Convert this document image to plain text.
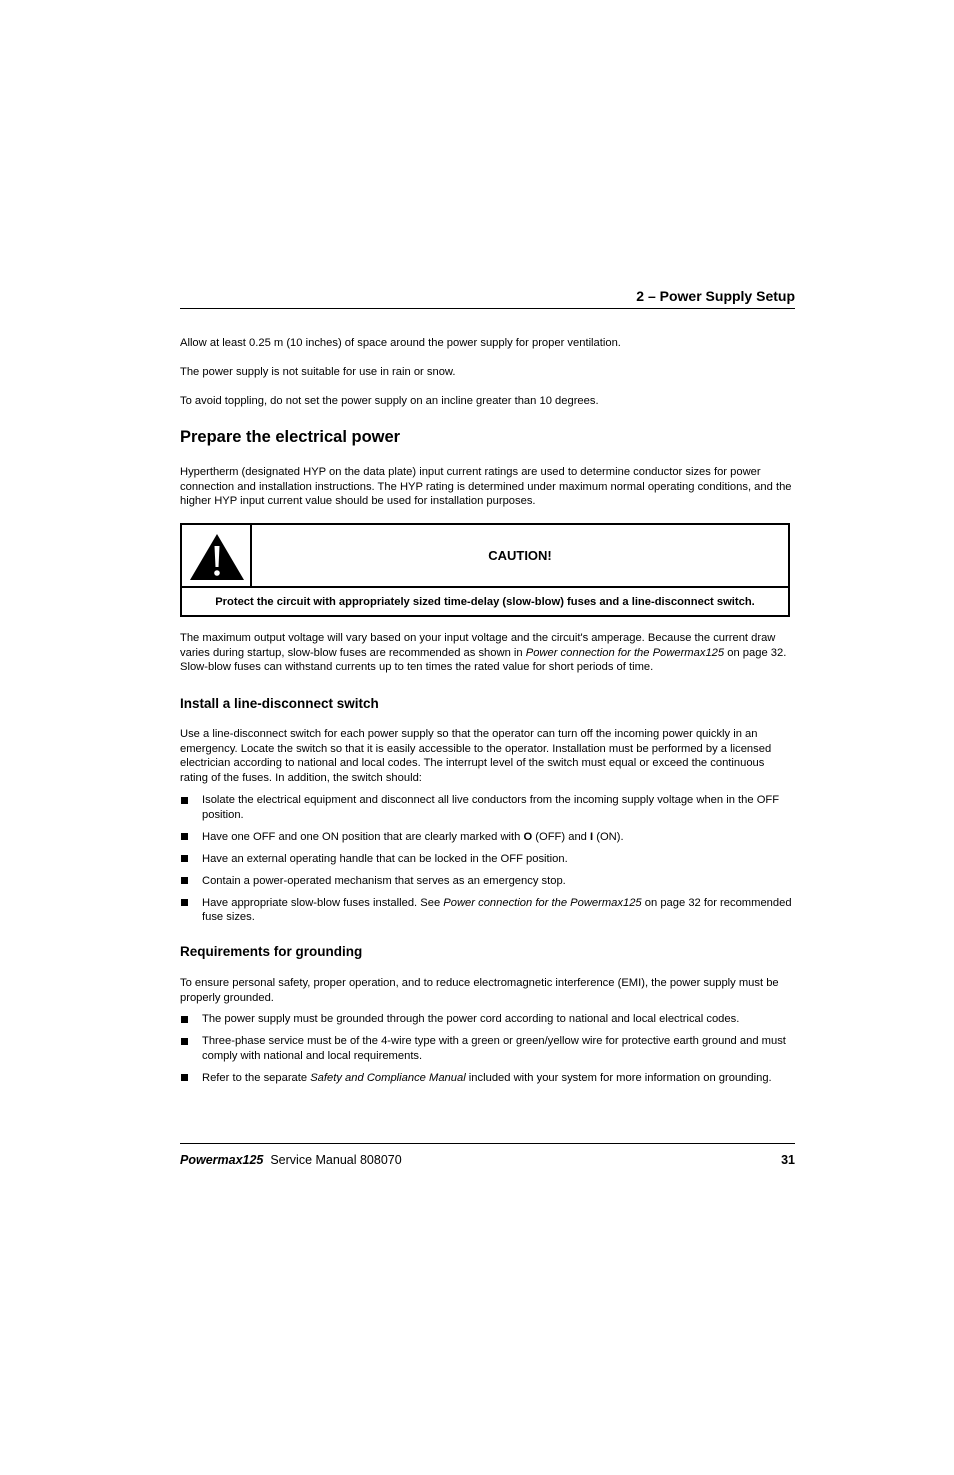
2 – Power Supply Setup

Allow at least 0.25 m (10 inches) of space around the power supply for proper ventilation.

The power supply is not suitable for use in rain or snow.

To avoid toppling, do not set the power supply on an incline greater than 10 degrees.

Prepare the electrical power

Hypertherm (designated HYP on the data plate) input current ratings are used to determine conductor sizes for power connection and installation instructions. The HYP rating is determined under maximum normal operating conditions, and the higher HYP input current value should be used for installation purposes.

CAUTION!
Protect the circuit with appropriately sized time-delay (slow-blow) fuses and a line-disconnect switch.

The maximum output voltage will vary based on your input voltage and the circuit's amperage. Because the current draw varies during startup, slow-blow fuses are recommended as shown in Power connection for the Powermax125 on page 32. Slow-blow fuses can withstand currents up to ten times the rated value for short periods of time.

Install a line-disconnect switch

Use a line-disconnect switch for each power supply so that the operator can turn off the incoming power quickly in an emergency. Locate the switch so that it is easily accessible to the operator. Installation must be performed by a licensed electrician according to national and local codes. The interrupt level of the switch must equal or exceed the continuous rating of the fuses. In addition, the switch should:

Isolate the electrical equipment and disconnect all live conductors from the incoming supply voltage when in the OFF position.
Have one OFF and one ON position that are clearly marked with O (OFF) and I (ON).
Have an external operating handle that can be locked in the OFF position.
Contain a power-operated mechanism that serves as an emergency stop.
Have appropriate slow-blow fuses installed. See Power connection for the Powermax125 on page 32 for recommended fuse sizes.
Requirements for grounding

To ensure personal safety, proper operation, and to reduce electromagnetic interference (EMI), the power supply must be properly grounded.

The power supply must be grounded through the power cord according to national and local electrical codes.
Three-phase service must be of the 4-wire type with a green or green/yellow wire for protective earth ground and must comply with national and local requirements.
Refer to the separate Safety and Compliance Manual included with your system for more information on grounding.
Powermax125 Service Manual 808070	31
